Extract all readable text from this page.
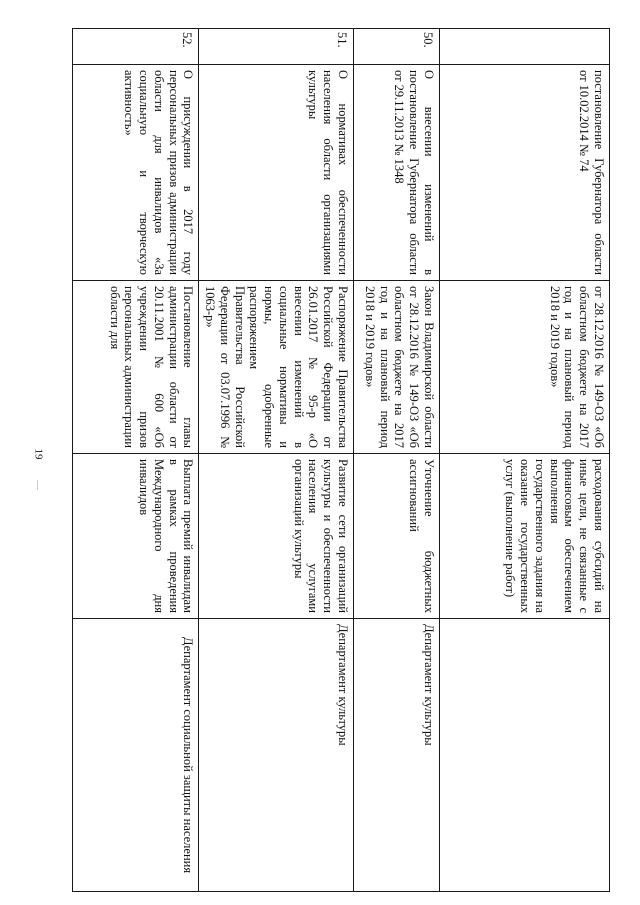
19
	постановление Губернатора области от 10.02.2014 № 74	от 28.12.2016 № 149-ОЗ «Об областном бюджете на 2017 год и на плановый период 2018 и 2019 годов»	расходования субсидий на иные цели, не связанные с финансовым обеспечением выполнения государственного задания на оказание государственных услуг (выполнение работ)	
50.	О внесении изменений в постановление Губернатора области от 29.11.2013 № 1348	Закон Владимирской области от 28.12.2016 № 149-ОЗ «Об областном бюджете на 2017 год и на плановый период 2018 и 2019 годов»	Уточнение бюджетных ассигнований	Департамент культуры
51.	О нормативах обеспеченности населения области организациями культуры	Распоряжение Правительства Российской Федерации от 26.01.2017 № 95-р «О внесении изменений в социальные нормативы и нормы, одобренные распоряжением Правительства Российской Федерации от 03.07.1996 № 1063-р»	Развитие сети организаций культуры и обеспеченности населения услугами организаций культуры	Департамент культуры
52.	О присуждении в 2017 году персональных призов администрации области для инвалидов «За социальную и творческую активность»	Постановление главы администрации области от 20.11.2001 № 600 «Об учреждении призов персональных администрации области для	Выплата премий инвалидам в рамках проведения Международного дня инвалидов	Департамент социальной защиты населения
